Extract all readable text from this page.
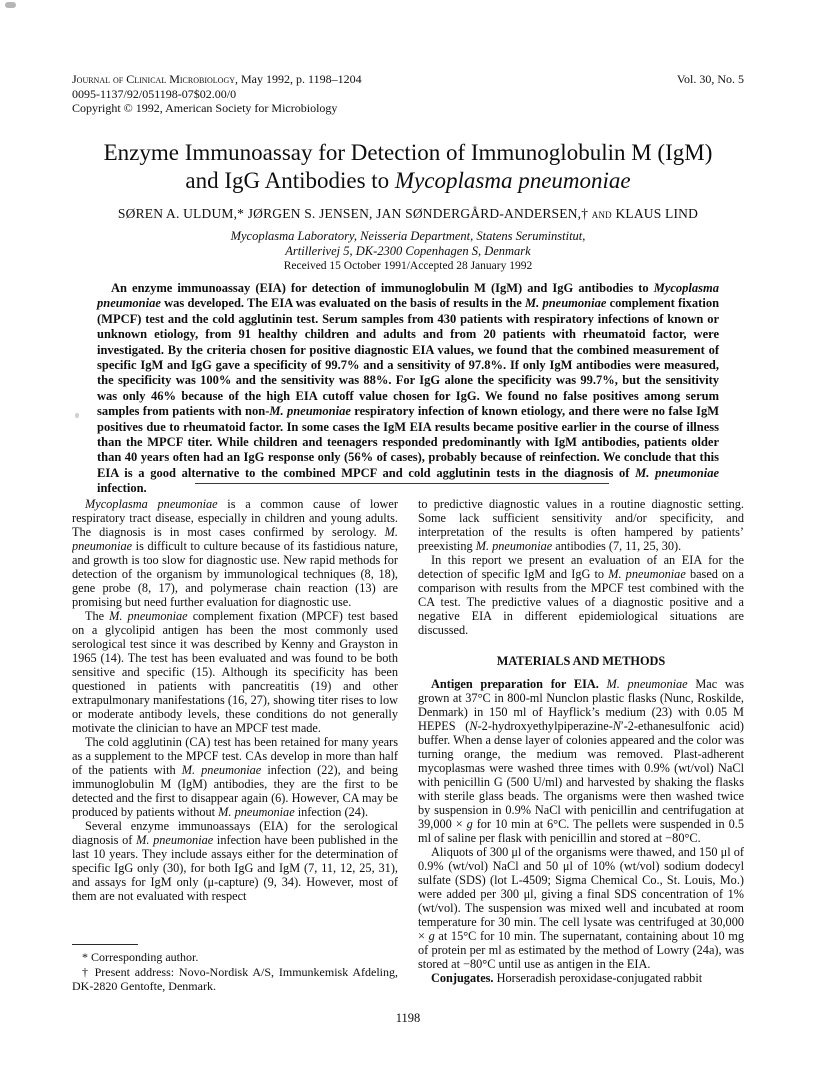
Journal of Clinical Microbiology, May 1992, p. 1198–1204
0095-1137/92/051198-07$02.00/0
Copyright © 1992, American Society for Microbiology
Vol. 30, No. 5
Enzyme Immunoassay for Detection of Immunoglobulin M (IgM)
and IgG Antibodies to Mycoplasma pneumoniae
SØREN A. ULDUM,* JØRGEN S. JENSEN, JAN SØNDERGÅRD-ANDERSEN,† and KLAUS LIND
Mycoplasma Laboratory, Neisseria Department, Statens Seruminstitut,
Artillerivej 5, DK-2300 Copenhagen S, Denmark
Received 15 October 1991/Accepted 28 January 1992
An enzyme immunoassay (EIA) for detection of immunoglobulin M (IgM) and IgG antibodies to Mycoplasma pneumoniae was developed. The EIA was evaluated on the basis of results in the M. pneumoniae complement fixation (MPCF) test and the cold agglutinin test. Serum samples from 430 patients with respiratory infections of known or unknown etiology, from 91 healthy children and adults and from 20 patients with rheumatoid factor, were investigated. By the criteria chosen for positive diagnostic EIA values, we found that the combined measurement of specific IgM and IgG gave a specificity of 99.7% and a sensitivity of 97.8%. If only IgM antibodies were measured, the specificity was 100% and the sensitivity was 88%. For IgG alone the specificity was 99.7%, but the sensitivity was only 46% because of the high EIA cutoff value chosen for IgG. We found no false positives among serum samples from patients with non-M. pneumoniae respiratory infection of known etiology, and there were no false IgM positives due to rheumatoid factor. In some cases the IgM EIA results became positive earlier in the course of illness than the MPCF titer. While children and teenagers responded predominantly with IgM antibodies, patients older than 40 years often had an IgG response only (56% of cases), probably because of reinfection. We conclude that this EIA is a good alternative to the combined MPCF and cold agglutinin tests in the diagnosis of M. pneumoniae infection.

Mycoplasma pneumoniae is a common cause of lower respiratory tract disease, especially in children and young adults. The diagnosis is in most cases confirmed by serology. M. pneumoniae is difficult to culture because of its fastidious nature, and growth is too slow for diagnostic use. New rapid methods for detection of the organism by immunological techniques (8, 18), gene probe (8, 17), and polymerase chain reaction (13) are promising but need further evaluation for diagnostic use.

The M. pneumoniae complement fixation (MPCF) test based on a glycolipid antigen has been the most commonly used serological test since it was described by Kenny and Grayston in 1965 (14). The test has been evaluated and was found to be both sensitive and specific (15). Although its specificity has been questioned in patients with pancreatitis (19) and other extrapulmonary manifestations (16, 27), showing titer rises to low or moderate antibody levels, these conditions do not generally motivate the clinician to have an MPCF test made.

The cold agglutinin (CA) test has been retained for many years as a supplement to the MPCF test. CAs develop in more than half of the patients with M. pneumoniae infection (22), and being immunoglobulin M (IgM) antibodies, they are the first to be detected and the first to disappear again (6). However, CA may be produced by patients without M. pneumoniae infection (24).

Several enzyme immunoassays (EIA) for the serological diagnosis of M. pneumoniae infection have been published in the last 10 years. They include assays either for the determination of specific IgG only (30), for both IgG and IgM (7, 11, 12, 25, 31), and assays for IgM only (μ-capture) (9, 34). However, most of them are not evaluated with respect

to predictive diagnostic values in a routine diagnostic setting. Some lack sufficient sensitivity and/or specificity, and interpretation of the results is often hampered by patients’ preexisting M. pneumoniae antibodies (7, 11, 25, 30).

In this report we present an evaluation of an EIA for the detection of specific IgM and IgG to M. pneumoniae based on a comparison with results from the MPCF test combined with the CA test. The predictive values of a diagnostic positive and a negative EIA in different epidemiological situations are discussed.

MATERIALS AND METHODS

Antigen preparation for EIA. M. pneumoniae Mac was grown at 37°C in 800-ml Nunclon plastic flasks (Nunc, Roskilde, Denmark) in 150 ml of Hayflick’s medium (23) with 0.05 M HEPES (N-2-hydroxyethylpiperazine-N′-2-ethanesulfonic acid) buffer. When a dense layer of colonies appeared and the color was turning orange, the medium was removed. Plast-adherent mycoplasmas were washed three times with 0.9% (wt/vol) NaCl with penicillin G (500 U/ml) and harvested by shaking the flasks with sterile glass beads. The organisms were then washed twice by suspension in 0.9% NaCl with penicillin and centrifugation at 39,000 × g for 10 min at 6°C. The pellets were suspended in 0.5 ml of saline per flask with penicillin and stored at −80°C.

Aliquots of 300 μl of the organisms were thawed, and 150 μl of 0.9% (wt/vol) NaCl and 50 μl of 10% (wt/vol) sodium dodecyl sulfate (SDS) (lot L-4509; Sigma Chemical Co., St. Louis, Mo.) were added per 300 μl, giving a final SDS concentration of 1% (wt/vol). The suspension was mixed well and incubated at room temperature for 30 min. The cell lysate was centrifuged at 30,000 × g at 15°C for 10 min. The supernatant, containing about 10 mg of protein per ml as estimated by the method of Lowry (24a), was stored at −80°C until use as antigen in the EIA.

Conjugates. Horseradish peroxidase-conjugated rabbit

* Corresponding author.

† Present address: Novo-Nordisk A/S, Immunkemisk Afdeling, DK-2820 Gentofte, Denmark.

1198
